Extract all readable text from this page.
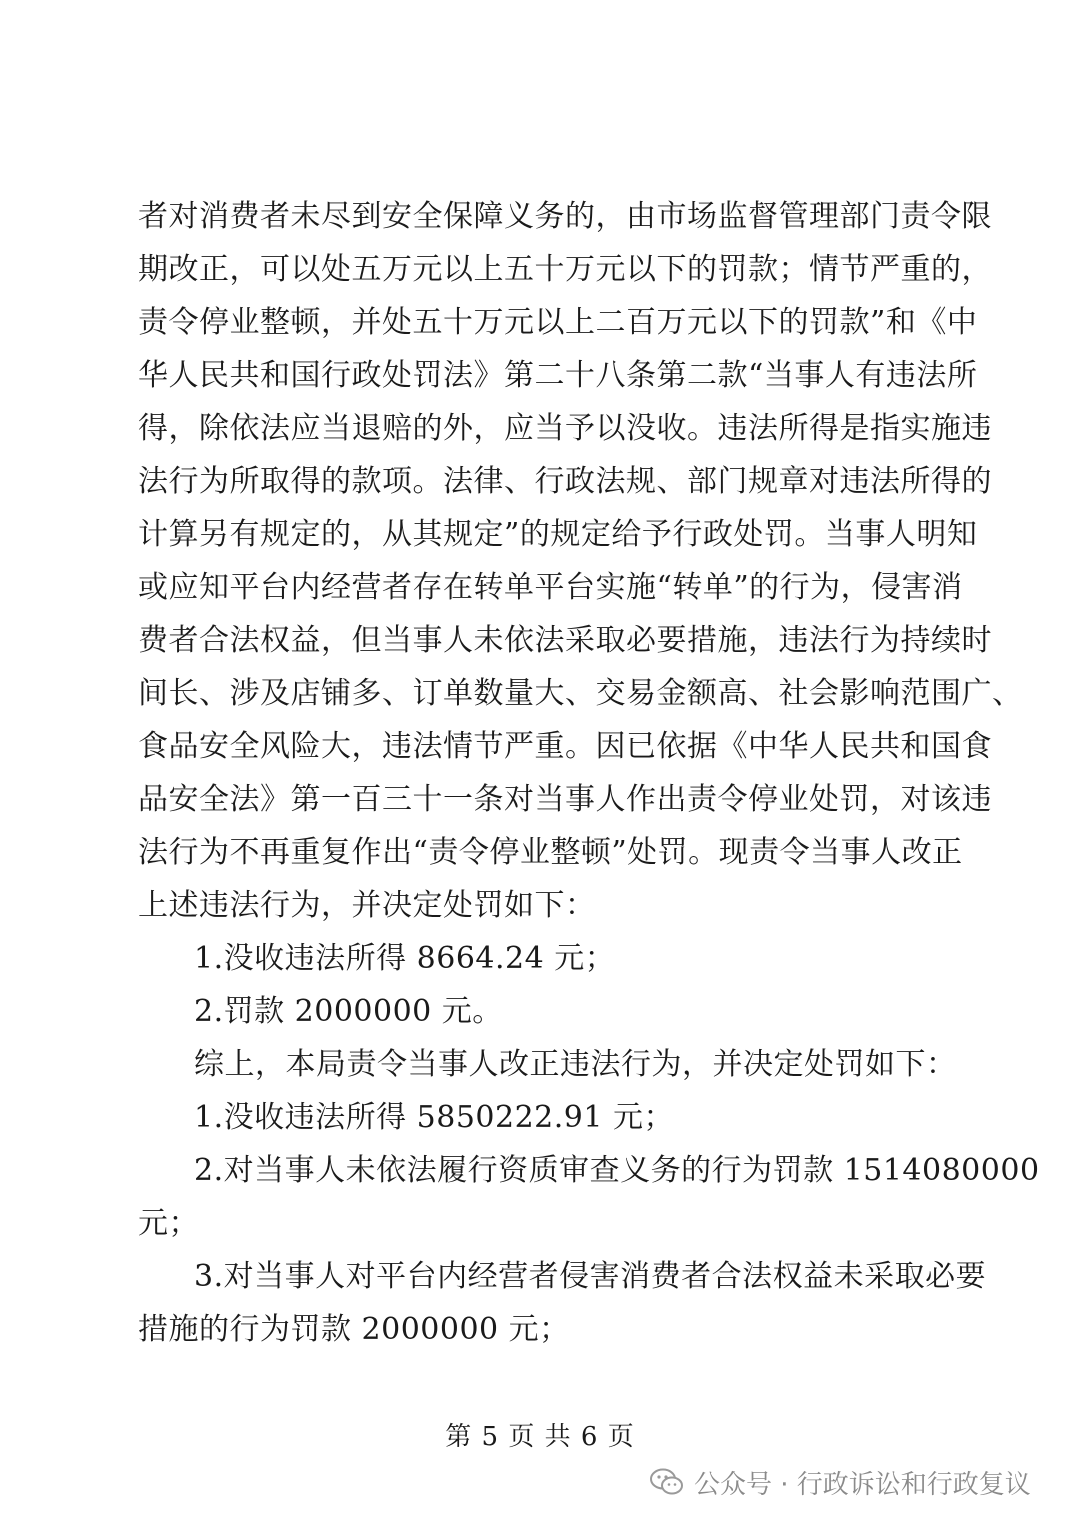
者对消费者未尽到安全保障义务的，由市场监督管理部门责令限
期改正，可以处五万元以上五十万元以下的罚款；情节严重的，
责令停业整顿，并处五十万元以上二百万元以下的罚款”和《中
华人民共和国行政处罚法》第二十八条第二款“当事人有违法所
得，除依法应当退赔的外，应当予以没收。违法所得是指实施违
法行为所取得的款项。法律、行政法规、部门规章对违法所得的
计算另有规定的，从其规定”的规定给予行政处罚。当事人明知
或应知平台内经营者存在转单平台实施“转单”的行为，侵害消
费者合法权益，但当事人未依法采取必要措施，违法行为持续时
间长、涉及店铺多、订单数量大、交易金额高、社会影响范围广、
食品安全风险大，违法情节严重。因已依据《中华人民共和国食
品安全法》第一百三十一条对当事人作出责令停业处罚，对该违
法行为不再重复作出“责令停业整顿”处罚。现责令当事人改正
上述违法行为，并决定处罚如下：
1.没收违法所得 8664.24 元；
2.罚款 2000000 元。
综上，本局责令当事人改正违法行为，并决定处罚如下：
1.没收违法所得 5850222.91 元；
2.对当事人未依法履行资质审查义务的行为罚款 1514080000
元；
3.对当事人对平台内经营者侵害消费者合法权益未采取必要
措施的行为罚款 2000000 元；
第 5 页 共 6 页
公众号 · 行政诉讼和行政复议
